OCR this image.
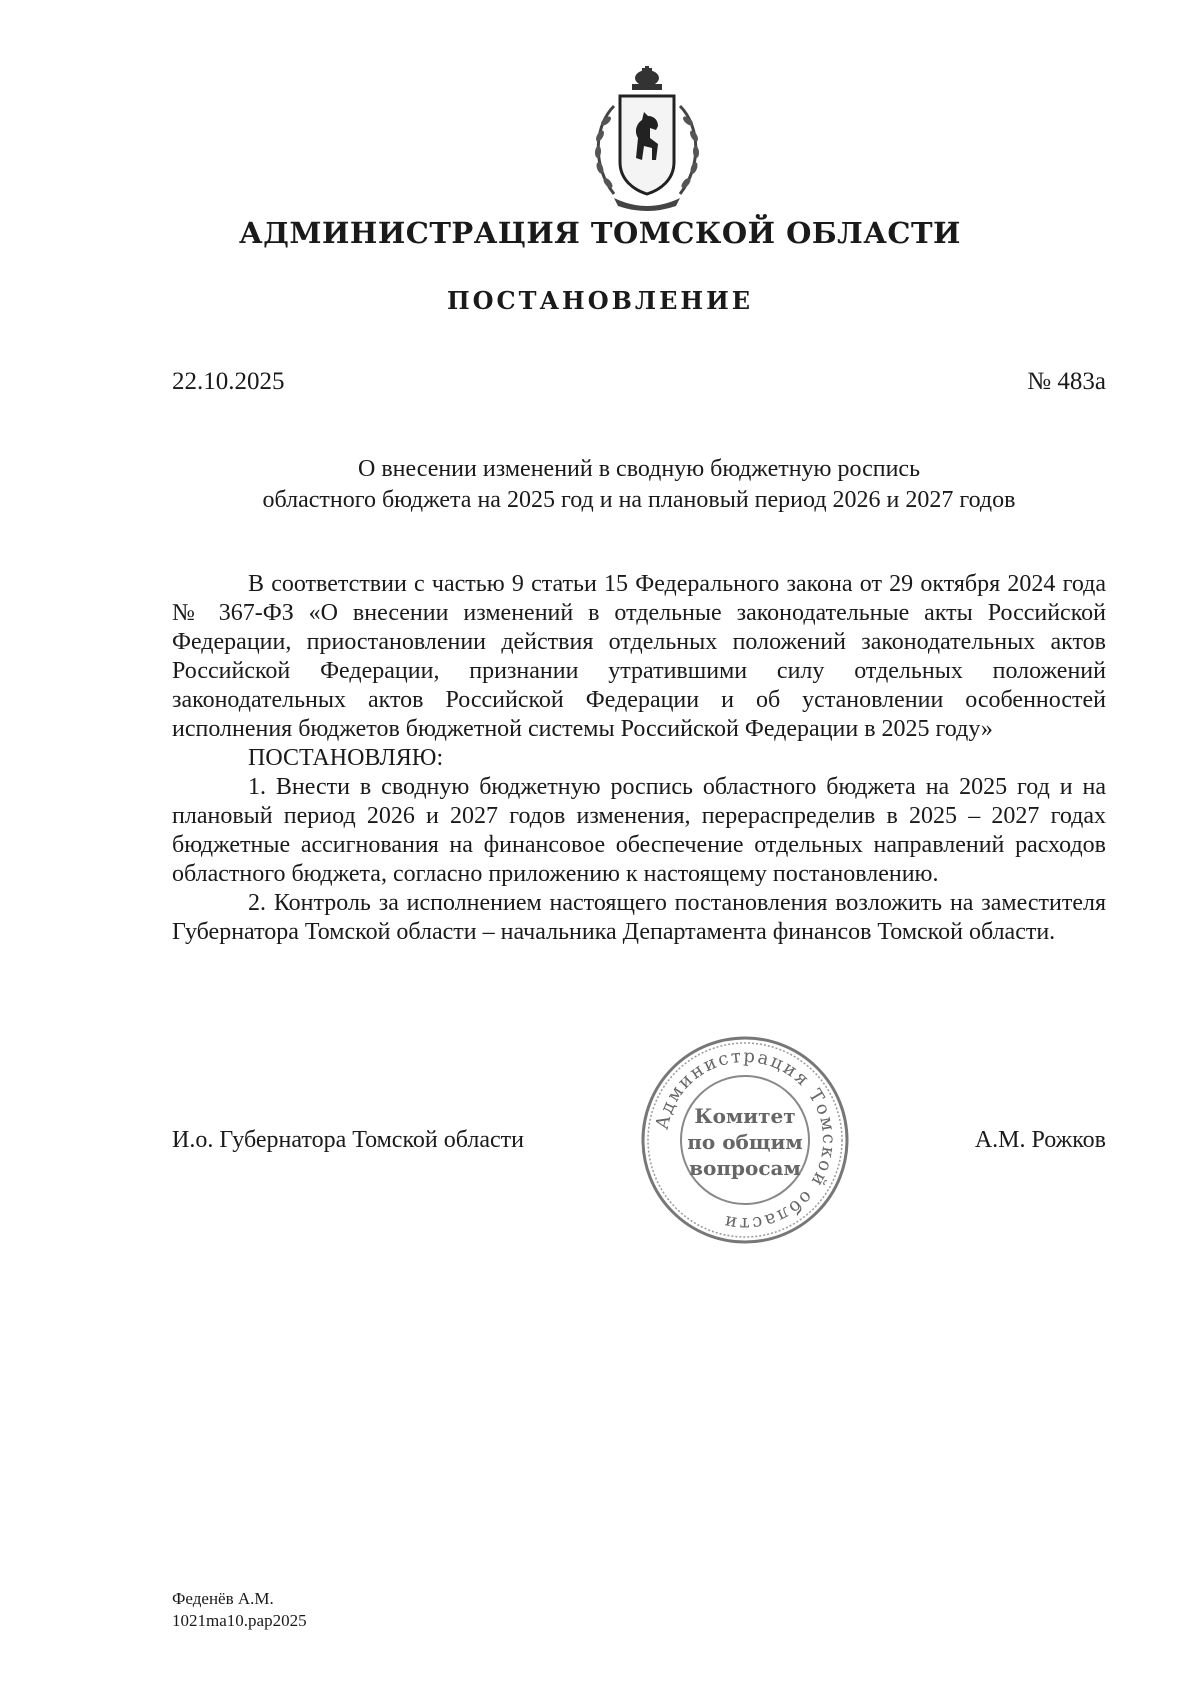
АДМИНИСТРАЦИЯ ТОМСКОЙ ОБЛАСТИ
ПОСТАНОВЛЕНИЕ
22.10.2025	№ 483а
О внесении изменений в сводную бюджетную роспись
областного бюджета на 2025 год и на плановый период 2026 и 2027 годов

В соответствии с частью 9 статьи 15 Федерального закона от 29 октября 2024 года № 367-ФЗ «О внесении изменений в отдельные законодательные акты Российской Федерации, приостановлении действия отдельных положений законодательных актов Российской Федерации, признании утратившими силу отдельных положений законодательных актов Российской Федерации и об установлении особенностей исполнения бюджетов бюджетной системы Российской Федерации в 2025 году»

ПОСТАНОВЛЯЮ:

1. Внести в сводную бюджетную роспись областного бюджета на 2025 год и на плановый период 2026 и 2027 годов изменения, перераспределив в 2025 – 2027 годах бюджетные ассигнования на финансовое обеспечение отдельных направлений расходов областного бюджета, согласно приложению к настоящему постановлению.

2. Контроль за исполнением настоящего постановления возложить на заместителя Губернатора Томской области – начальника Департамента финансов Томской области.

И.о. Губернатора Томской области	А.М. Рожков
Администрация Томской области
Комитет
по общим
вопросам
Феденёв А.М.
1021ma10.pap2025
